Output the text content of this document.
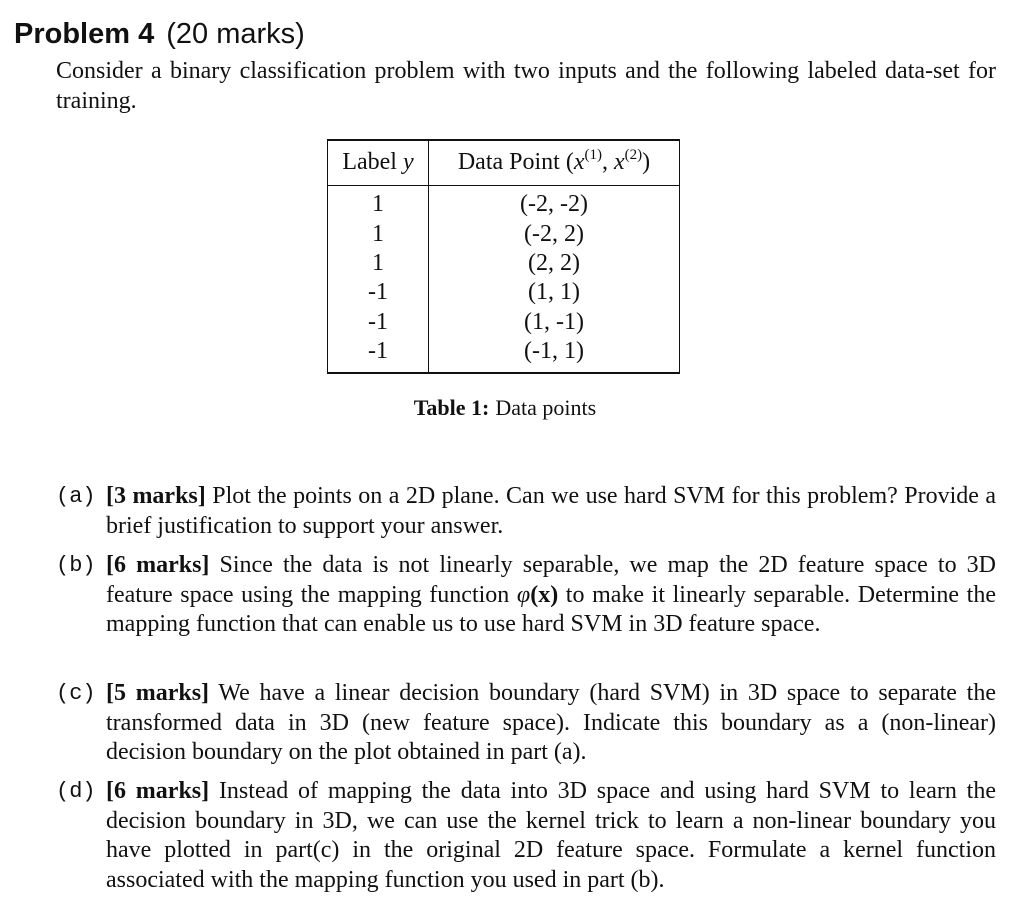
Problem 4 (20 marks)
Consider a binary classification problem with two inputs and the following labeled data-set for training.
Label y	Data Point ($x^{(1)}$, $x^{(2)}$)
1	(-2, -2)
1	(-2, 2)
1	(2, 2)
-1	(1, 1)
-1	(1, -1)
-1	(-1, 1)
Table 1: Data points
(a) [3 marks] Plot the points on a 2D plane. Can we use hard SVM for this problem? Provide a brief justification to support your answer.
(b) [6 marks] Since the data is not linearly separable, we map the 2D feature space to 3D feature space using the mapping function φ(x) to make it linearly separable. Determine the mapping function that can enable us to use hard SVM in 3D feature space.
(c) [5 marks] We have a linear decision boundary (hard SVM) in 3D space to separate the transformed data in 3D (new feature space). Indicate this boundary as a (non-linear) decision boundary on the plot obtained in part (a).
(d) [6 marks] Instead of mapping the data into 3D space and using hard SVM to learn the decision boundary in 3D, we can use the kernel trick to learn a non-linear boundary you have plotted in part(c) in the original 2D feature space. Formulate a kernel function associated with the mapping function you used in part (b).
